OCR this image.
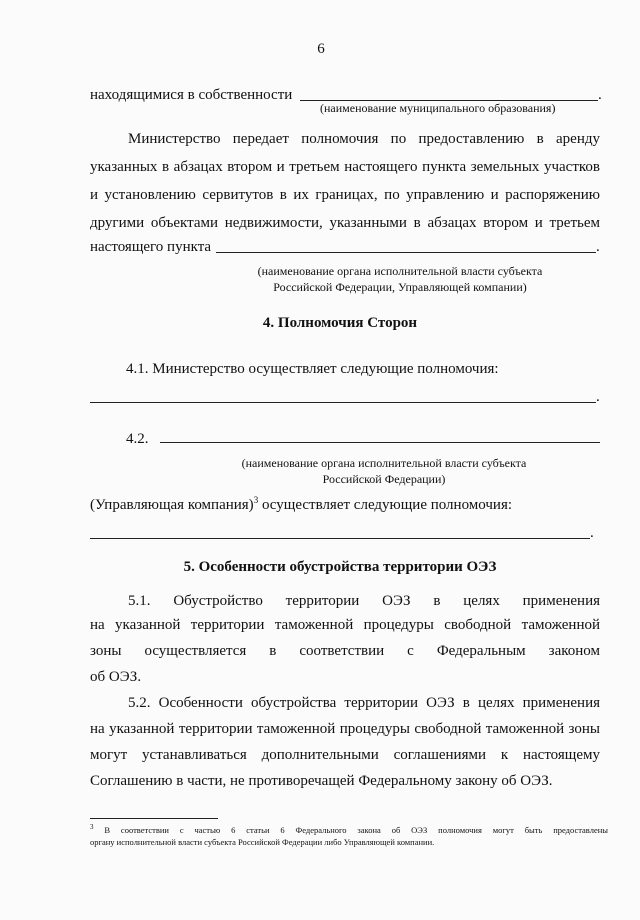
6
находящимися в собственности	.
(наименование муниципального образования)
Министерство передает полномочия по предоставлению в аренду
указанных в абзацах втором и третьем настоящего пункта земельных участков
и установлению сервитутов в их границах, по управлению и распоряжению
другими объектами недвижимости, указанными в абзацах втором и третьем
настоящего пункта	.
(наименование органа исполнительной власти субъекта
Российской Федерации, Управляющей компании)
4. Полномочия Сторон
4.1. Министерство осуществляет следующие полномочия:
.
4.2.
(наименование органа исполнительной власти субъекта
Российской Федерации)
(Управляющая компания)$^3$ осуществляет следующие полномочия:
.
5. Особенности обустройства территории ОЭЗ
5.1. Обустройство территории ОЭЗ в целях применения
на указанной территории таможенной процедуры свободной таможенной
зоны осуществляется в соответствии с Федеральным законом
об ОЭЗ.
5.2. Особенности обустройства территории ОЭЗ в целях применения
на указанной территории таможенной процедуры свободной таможенной зоны
могут устанавливаться дополнительными соглашениями к настоящему
Соглашению в части, не противоречащей Федеральному закону об ОЭЗ.
$^3$ В соответствии с частью 6 статьи 6 Федерального закона об ОЭЗ полномочия могут быть предоставлены
органу исполнительной власти субъекта Российской Федерации либо Управляющей компании.
